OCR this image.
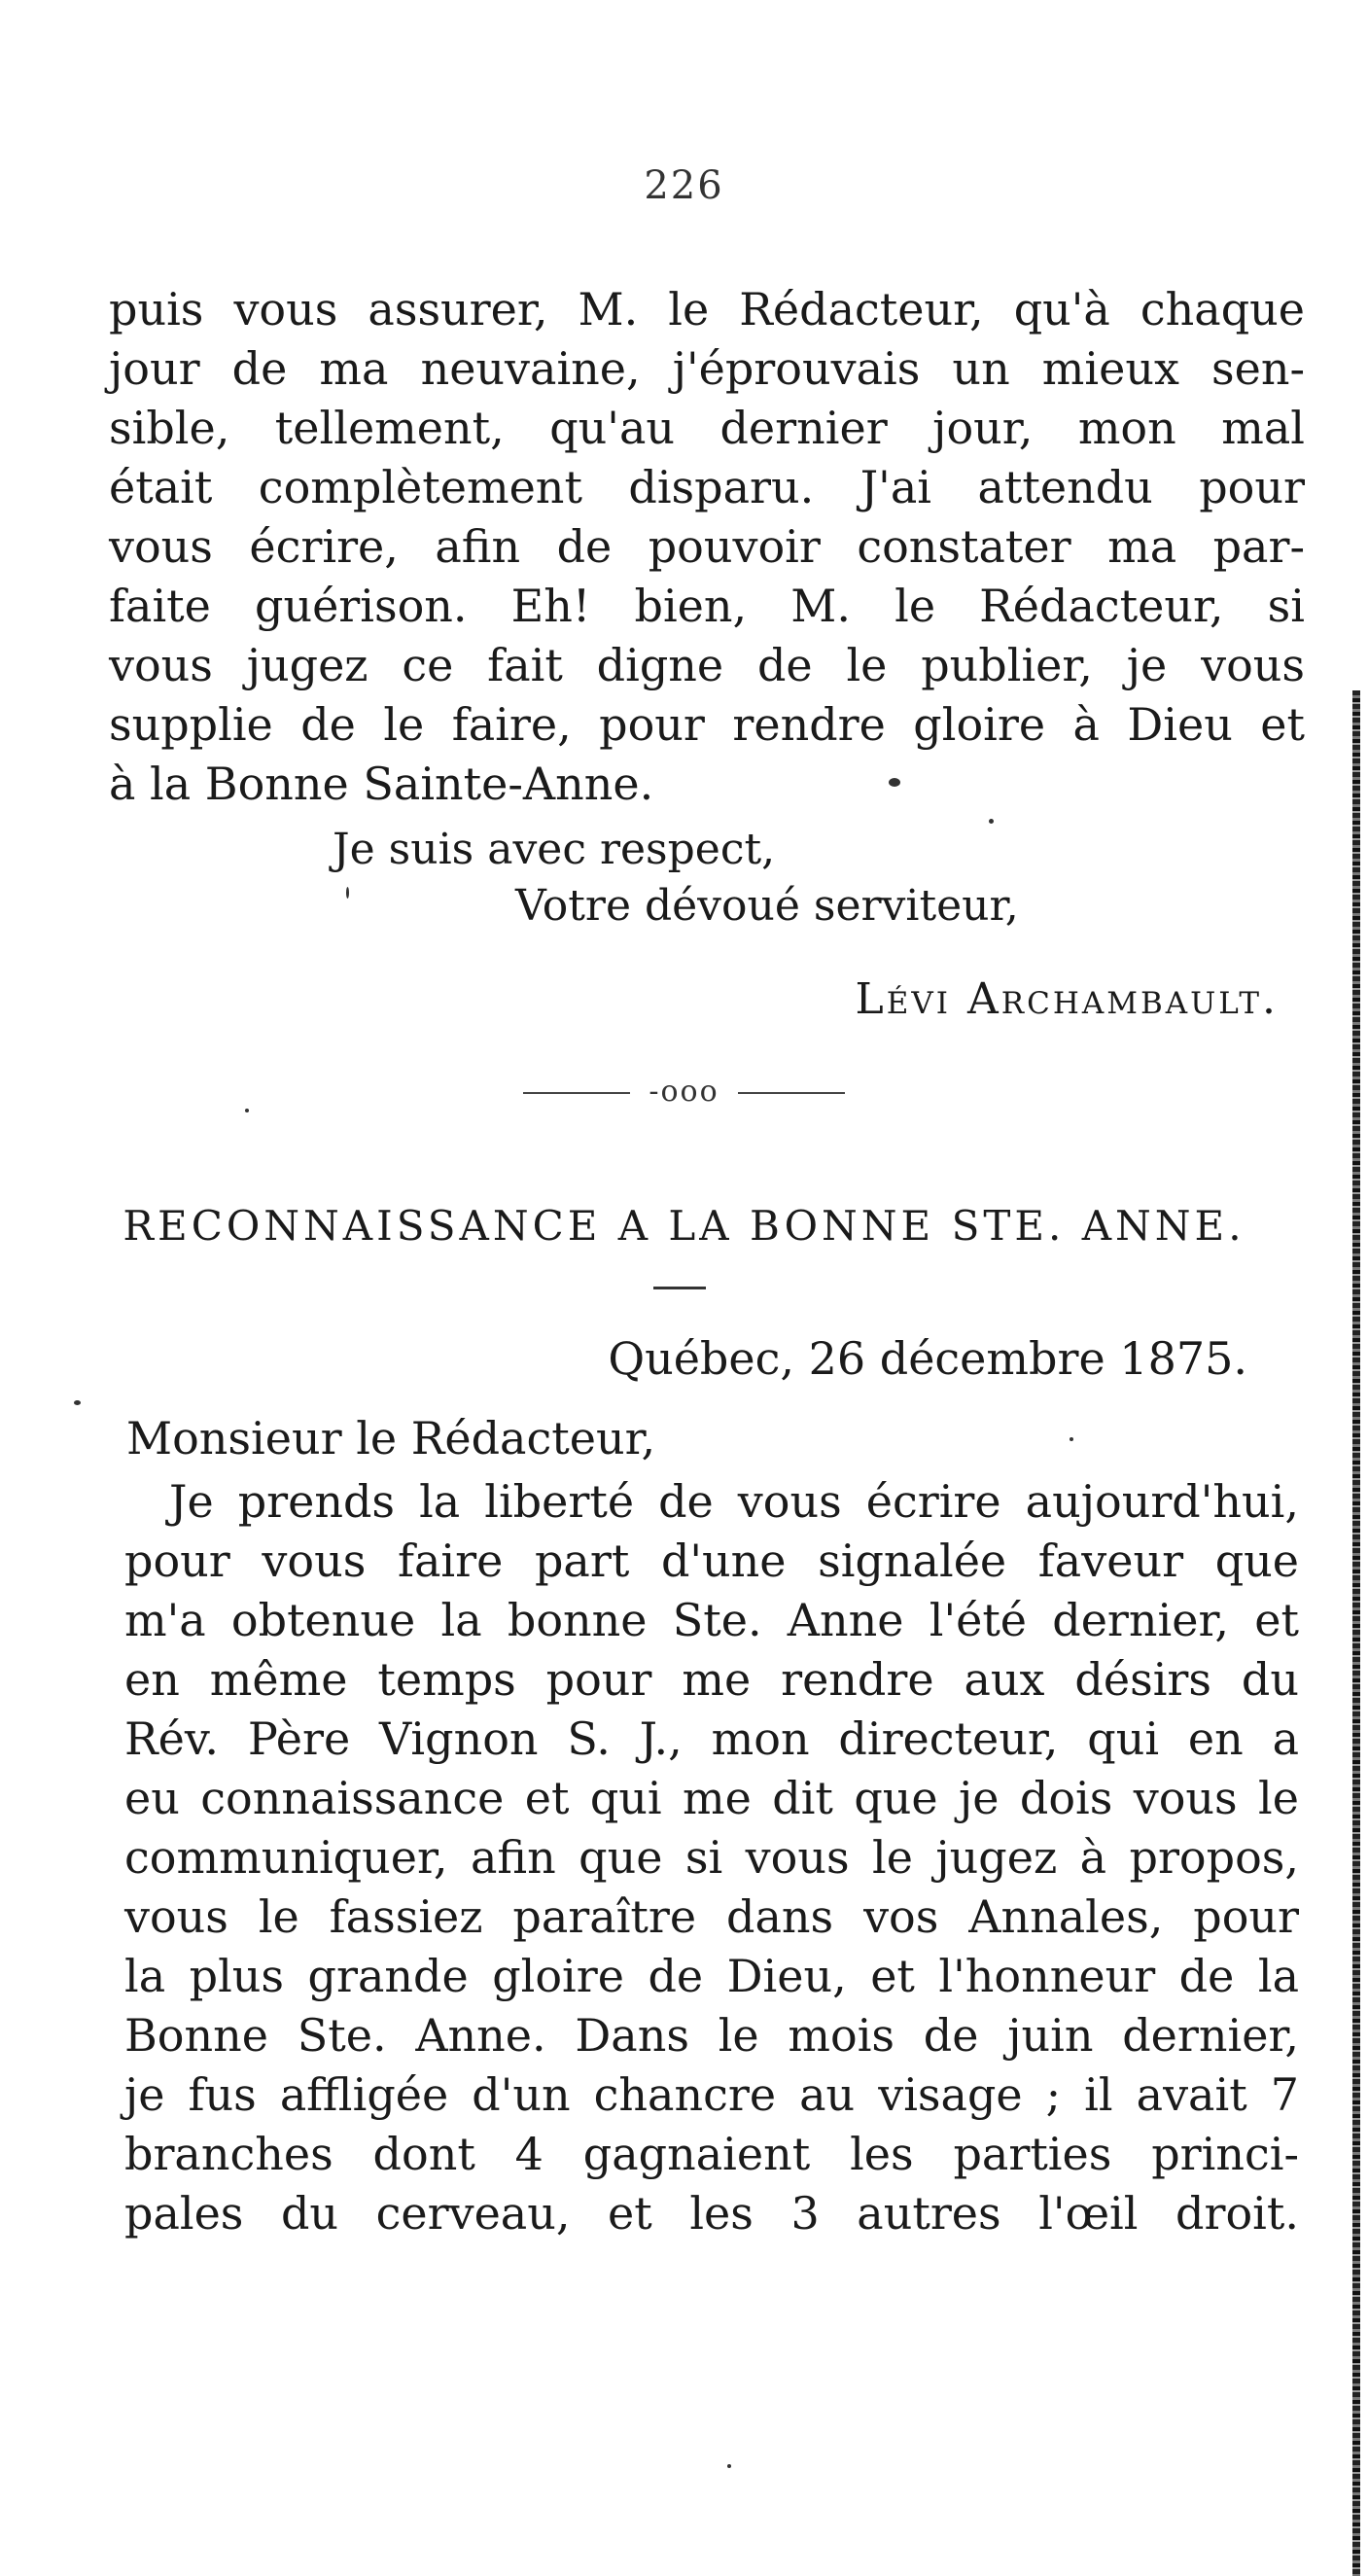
226
puis vous assurer, M. le Rédacteur, qu'à chaque
jour de ma neuvaine, j'éprouvais un mieux sen-
sible, tellement, qu'au dernier jour, mon mal
était complètement disparu. J'ai attendu pour
vous écrire, afin de pouvoir constater ma par-
faite guérison. Eh! bien, M. le Rédacteur, si
vous jugez ce fait digne de le publier, je vous
supplie de le faire, pour rendre gloire à Dieu et
à la Bonne Sainte-Anne.
Je suis avec respect,
Votre dévoué serviteur,
Lévi Archambault.
-ooo
RECONNAISSANCE A LA BONNE STE. ANNE.
Québec, 26 décembre 1875.
Monsieur le Rédacteur,
Je prends la liberté de vous écrire aujourd'hui,
pour vous faire part d'une signalée faveur que
m'a obtenue la bonne Ste. Anne l'été dernier, et
en même temps pour me rendre aux désirs du
Rév. Père Vignon S. J., mon directeur, qui en a
eu connaissance et qui me dit que je dois vous le
communiquer, afin que si vous le jugez à propos,
vous le fassiez paraître dans vos Annales, pour
la plus grande gloire de Dieu, et l'honneur de la
Bonne Ste. Anne. Dans le mois de juin dernier,
je fus affligée d'un chancre au visage ; il avait 7
branches dont 4 gagnaient les parties princi-
pales du cerveau, et les 3 autres l'œil droit.
